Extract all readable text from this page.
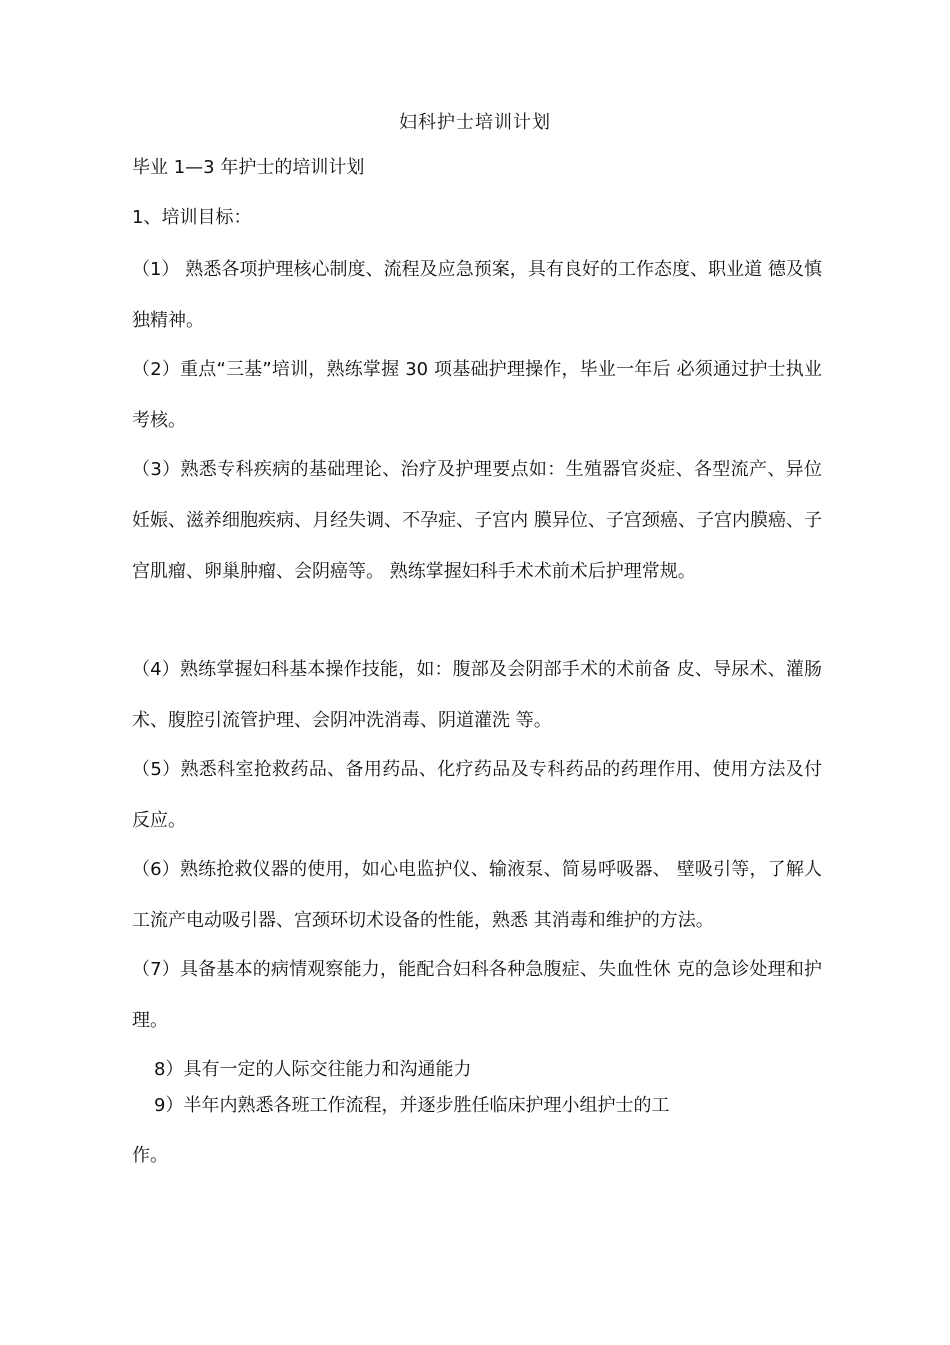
妇科护士培训计划

毕业 1—3 年护士的培训计划

1、培训目标：

（1） 熟悉各项护理核心制度、流程及应急预案，具有良好的工作态度、职业道 德及慎独精神。

（2）重点“三基”培训，熟练掌握 30 项基础护理操作，毕业一年后 必须通过护士执业考核。

（3）熟悉专科疾病的基础理论、治疗及护理要点如：生殖器官炎症、各型流产、异位妊娠、滋养细胞疾病、月经失调、不孕症、子宫内 膜异位、子宫颈癌、子宫内膜癌、子宫肌瘤、卵巢肿瘤、会阴癌等。 熟练掌握妇科手术术前术后护理常规。

（4）熟练掌握妇科基本操作技能，如：腹部及会阴部手术的术前备 皮、导尿术、灌肠术、腹腔引流管护理、会阴冲洗消毒、阴道灌洗 等。

（5）熟悉科室抢救药品、备用药品、化疗药品及专科药品的药理作用、使用方法及付反应。

（6）熟练抢救仪器的使用，如心电监护仪、输液泵、简易呼吸器、 壁吸引等，了解人工流产电动吸引器、宫颈环切术设备的性能，熟悉 其消毒和维护的方法。

（7）具备基本的病情观察能力，能配合妇科各种急腹症、失血性休 克的急诊处理和护理。

8）具有一定的人际交往能力和沟通能力

9）半年内熟悉各班工作流程，并逐步胜任临床护理小组护士的工

作。
